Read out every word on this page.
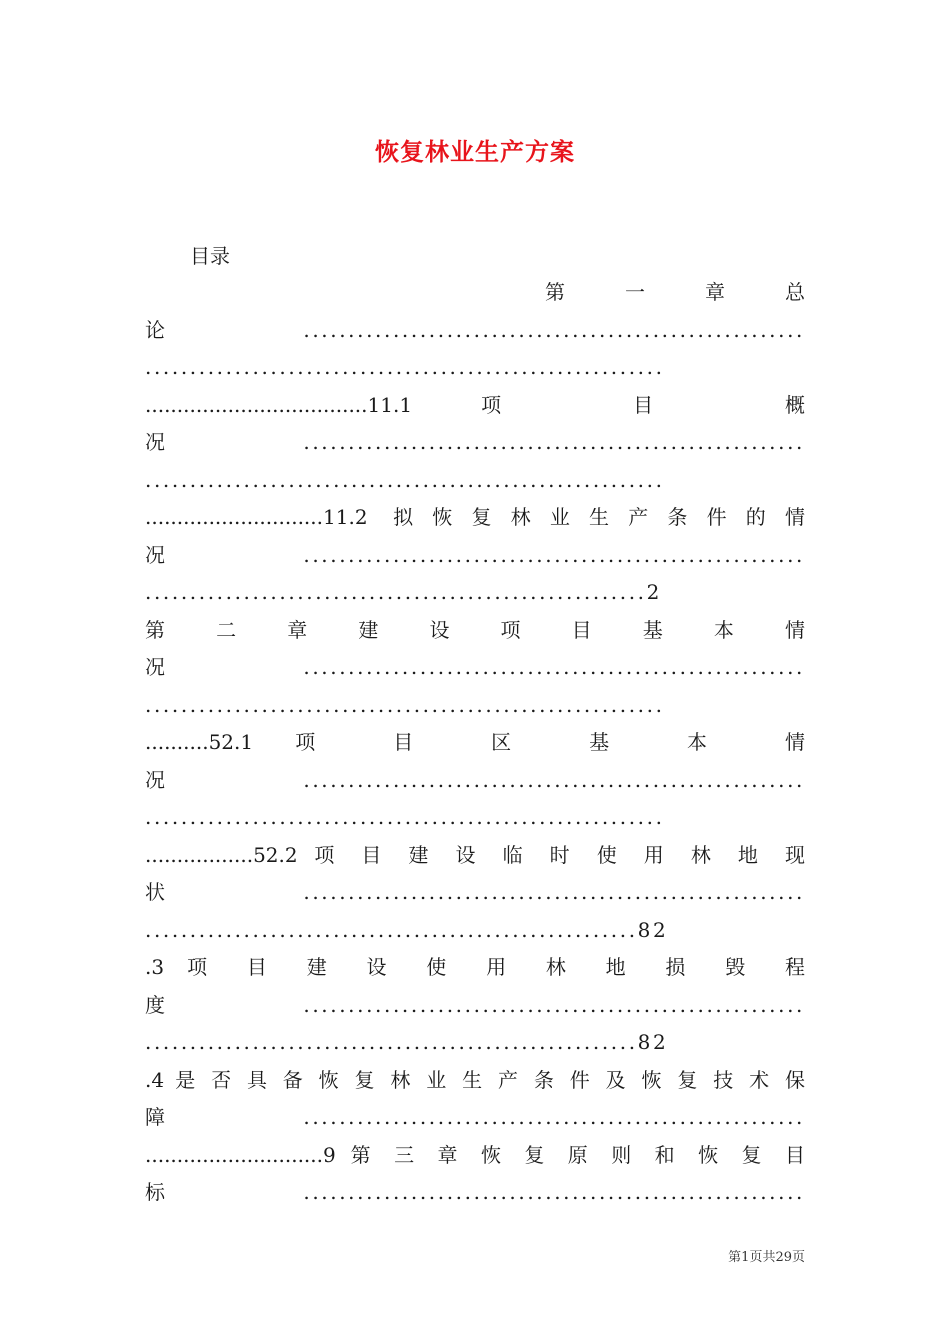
恢复林业生产方案
目录
第 一 章 总
论........................................................
..........................................................
...................................11.1 项 目 概
况........................................................
..........................................................
............................11.2 拟恢复林业生产条件的情
况........................................................
........................................................2
第 二 章 建 设 项 目 基 本 情
况........................................................
..........................................................
..........52.1 项 目 区 基 本 情
况........................................................
..........................................................
.................52.2 项 目 建 设 临 时 使 用 林 地 现
状........................................................
.......................................................82
.3 项 目 建 设 使 用 林 地 损 毁 程
度........................................................
.......................................................82
.4 是 否 具 备 恢 复 林 业 生 产 条 件 及 恢 复 技 术 保
障........................................................
............................9 第 三 章 恢 复 原 则 和 恢 复 目
标........................................................
第1页共29页
